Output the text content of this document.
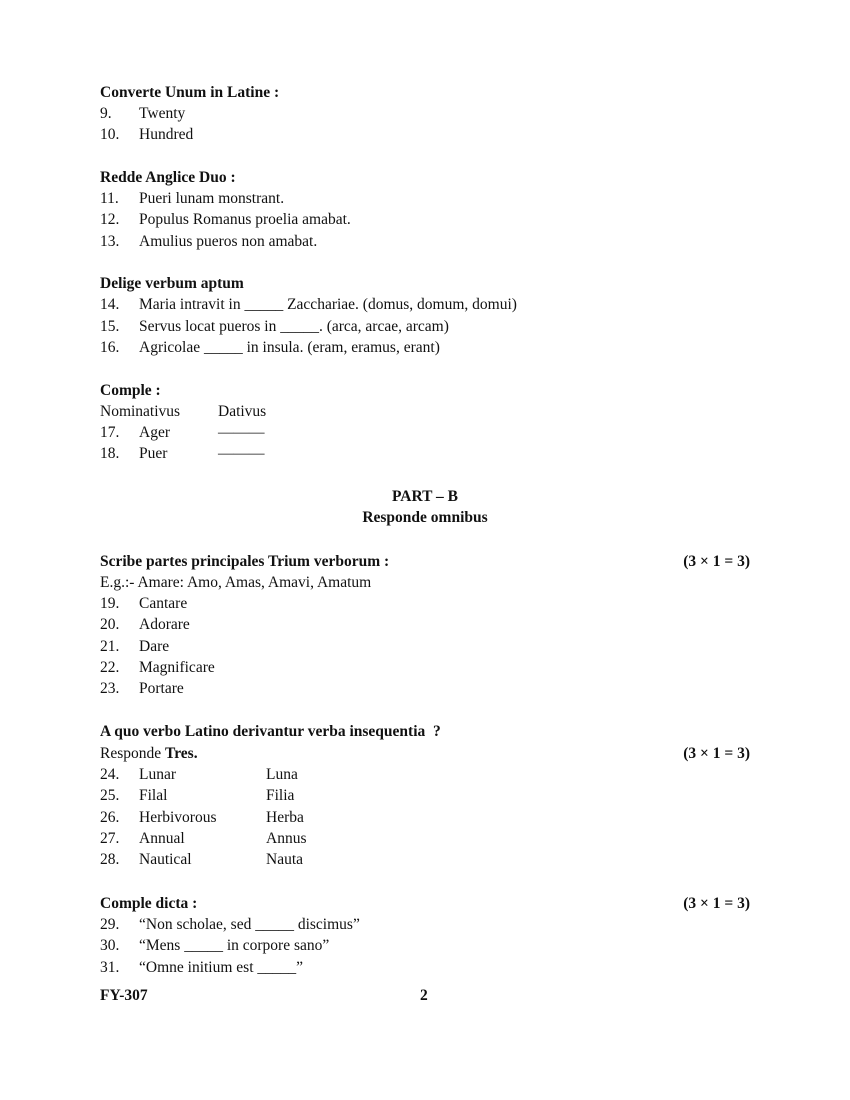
Converte Unum in Latine :
9. Twenty
10. Hundred
Redde Anglice Duo :
11. Pueri lunam monstrant.
12. Populus Romanus proelia amabat.
13. Amulius pueros non amabat.
Delige verbum aptum
14. Maria intravit in _____ Zacchariae. (domus, domum, domui)
15. Servus locat pueros in _____. (arca, arcae, arcam)
16. Agricolae _____ in insula. (eram, eramus, erant)
Comple :
Nominativus Dativus
17. Ager	———
18. Puer	———
PART – B
Responde omnibus
Scribe partes principales Trium verborum :	(3 × 1 = 3)
E.g.:- Amare: Amo, Amas, Amavi, Amatum
19. Cantare
20. Adorare
21. Dare
22. Magnificare
23. Portare
A quo verbo Latino derivantur verba insequentia  ?
Responde Tres.	(3 × 1 = 3)
24. Lunar	Luna
25. Filal	Filia
26. Herbivorous	Herba
27. Annual	Annus
28. Nautical	Nauta
Comple dicta :	(3 × 1 = 3)
29. “Non scholae, sed _____ discimus”
30. “Mens _____ in corpore sano”
31. “Omne initium est _____”
FY-307	2
